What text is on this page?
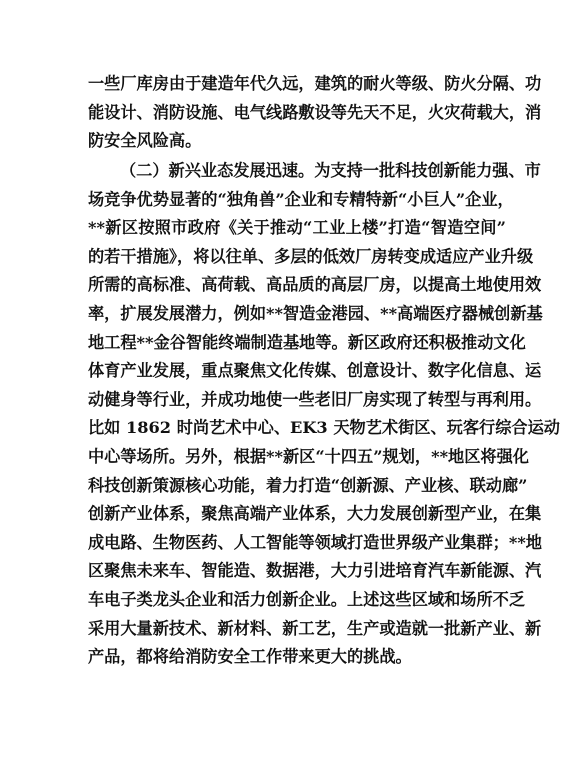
一些厂库房由于建造年代久远，建筑的耐火等级、防火分隔、功
能设计、消防设施、电气线路敷设等先天不足，火灾荷载大，消
防安全风险高。
（二）新兴业态发展迅速。为支持一批科技创新能力强、市
场竞争优势显著的“独角兽”企业和专精特新“小巨人”企业，
**新区按照市政府《关于推动“工业上楼”打造“智造空间”
的若干措施》，将以往单、多层的低效厂房转变成适应产业升级
所需的高标准、高荷载、高品质的高层厂房，以提高土地使用效
率，扩展发展潜力，例如**智造金港园、**高端医疗器械创新基
地工程**金谷智能终端制造基地等。新区政府还积极推动文化
体育产业发展，重点聚焦文化传媒、创意设计、数字化信息、运
动健身等行业，并成功地使一些老旧厂房实现了转型与再利用。
比如 1862 时尚艺术中心、EK3 天物艺术街区、玩客行综合运动
中心等场所。另外，根据**新区“十四五”规划，**地区将强化
科技创新策源核心功能，着力打造“创新源、产业核、联动廊”
创新产业体系，聚焦高端产业体系，大力发展创新型产业，在集
成电路、生物医药、人工智能等领域打造世界级产业集群；**地
区聚焦未来车、智能造、数据港，大力引进培育汽车新能源、汽
车电子类龙头企业和活力创新企业。上述这些区域和场所不乏
采用大量新技术、新材料、新工艺，生产或造就一批新产业、新
产品，都将给消防安全工作带来更大的挑战。
